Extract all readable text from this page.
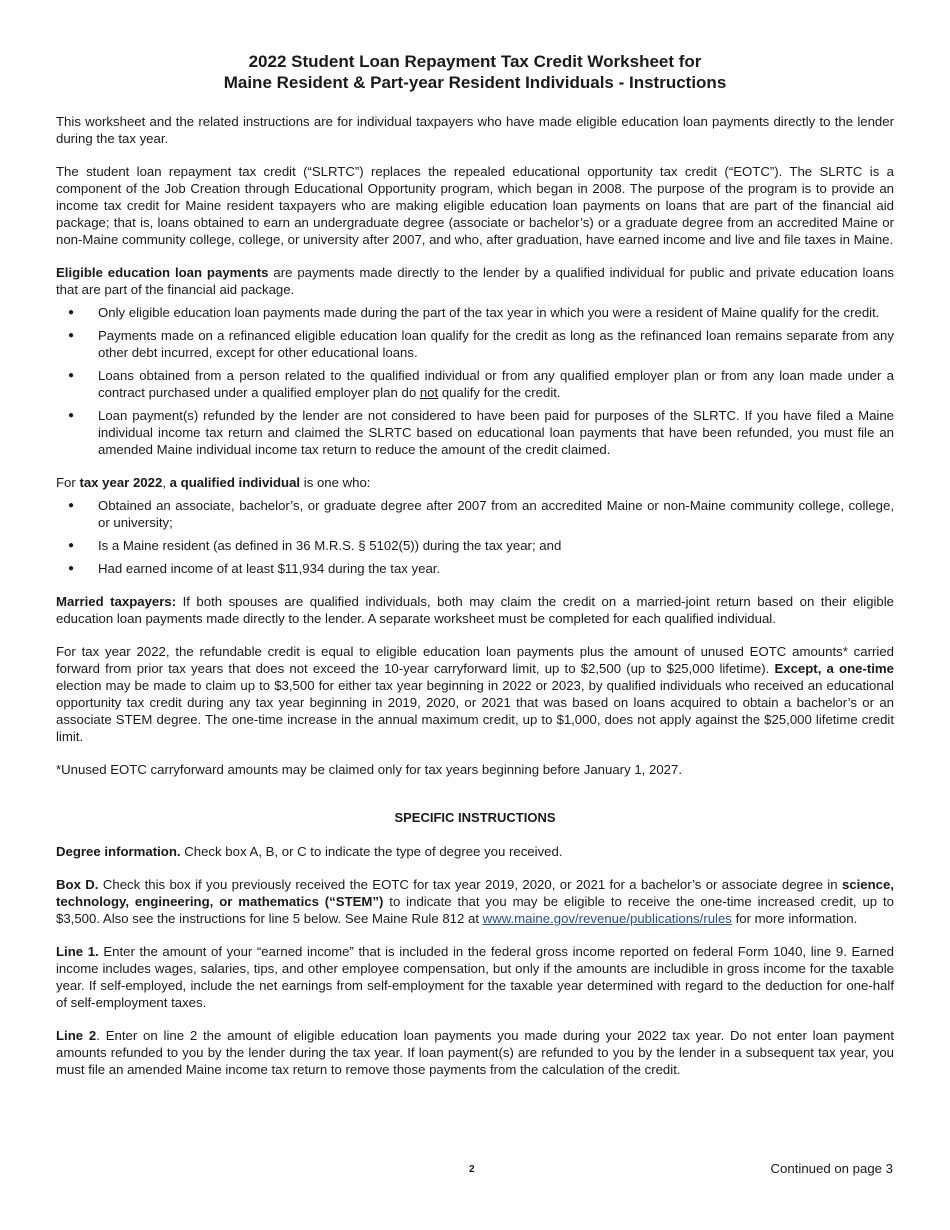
2022 Student Loan Repayment Tax Credit Worksheet for
Maine Resident & Part-year Resident Individuals - Instructions

This worksheet and the related instructions are for individual taxpayers who have made eligible education loan payments directly to the lender during the tax year.

The student loan repayment tax credit (“SLRTC”) replaces the repealed educational opportunity tax credit (“EOTC”). The SLRTC is a component of the Job Creation through Educational Opportunity program, which began in 2008. The purpose of the program is to provide an income tax credit for Maine resident taxpayers who are making eligible education loan payments on loans that are part of the financial aid package; that is, loans obtained to earn an undergraduate degree (associate or bachelor’s) or a graduate degree from an accredited Maine or non-Maine community college, college, or university after 2007, and who, after graduation, have earned income and live and file taxes in Maine.

Eligible education loan payments are payments made directly to the lender by a qualified individual for public and private education loans that are part of the financial aid package.

● Only eligible education loan payments made during the part of the tax year in which you were a resident of Maine qualify for the credit.
● Payments made on a refinanced eligible education loan qualify for the credit as long as the refinanced loan remains separate from any other debt incurred, except for other educational loans.
● Loans obtained from a person related to the qualified individual or from any qualified employer plan or from any loan made under a contract purchased under a qualified employer plan do not qualify for the credit.
● Loan payment(s) refunded by the lender are not considered to have been paid for purposes of the SLRTC. If you have filed a Maine individual income tax return and claimed the SLRTC based on educational loan payments that have been refunded, you must file an amended Maine individual income tax return to reduce the amount of the credit claimed.

For tax year 2022, a qualified individual is one who:

● Obtained an associate, bachelor’s, or graduate degree after 2007 from an accredited Maine or non-Maine community college, college, or university;
● Is a Maine resident (as defined in 36 M.R.S. § 5102(5)) during the tax year; and
● Had earned income of at least $11,934 during the tax year.

Married taxpayers: If both spouses are qualified individuals, both may claim the credit on a married-joint return based on their eligible education loan payments made directly to the lender. A separate worksheet must be completed for each qualified individual.

For tax year 2022, the refundable credit is equal to eligible education loan payments plus the amount of unused EOTC amounts* carried forward from prior tax years that does not exceed the 10-year carryforward limit, up to $2,500 (up to $25,000 lifetime). Except, a one-time election may be made to claim up to $3,500 for either tax year beginning in 2022 or 2023, by qualified individuals who received an educational opportunity tax credit during any tax year beginning in 2019, 2020, or 2021 that was based on loans acquired to obtain a bachelor’s or an associate STEM degree. The one-time increase in the annual maximum credit, up to $1,000, does not apply against the $25,000 lifetime credit limit.

*Unused EOTC carryforward amounts may be claimed only for tax years beginning before January 1, 2027.

SPECIFIC INSTRUCTIONS

Degree information. Check box A, B, or C to indicate the type of degree you received.

Box D. Check this box if you previously received the EOTC for tax year 2019, 2020, or 2021 for a bachelor’s or associate degree in science, technology, engineering, or mathematics (“STEM”) to indicate that you may be eligible to receive the one-time increased credit, up to $3,500. Also see the instructions for line 5 below. See Maine Rule 812 at www.maine.gov/revenue/publications/rules for more information.

Line 1. Enter the amount of your “earned income” that is included in the federal gross income reported on federal Form 1040, line 9. Earned income includes wages, salaries, tips, and other employee compensation, but only if the amounts are includible in gross income for the taxable year. If self-employed, include the net earnings from self-employment for the taxable year determined with regard to the deduction for one-half of self-employment taxes.

Line 2. Enter on line 2 the amount of eligible education loan payments you made during your 2022 tax year. Do not enter loan payment amounts refunded to you by the lender during the tax year. If loan payment(s) are refunded to you by the lender in a subsequent tax year, you must file an amended Maine income tax return to remove those payments from the calculation of the credit.

2	Continued on page 3
